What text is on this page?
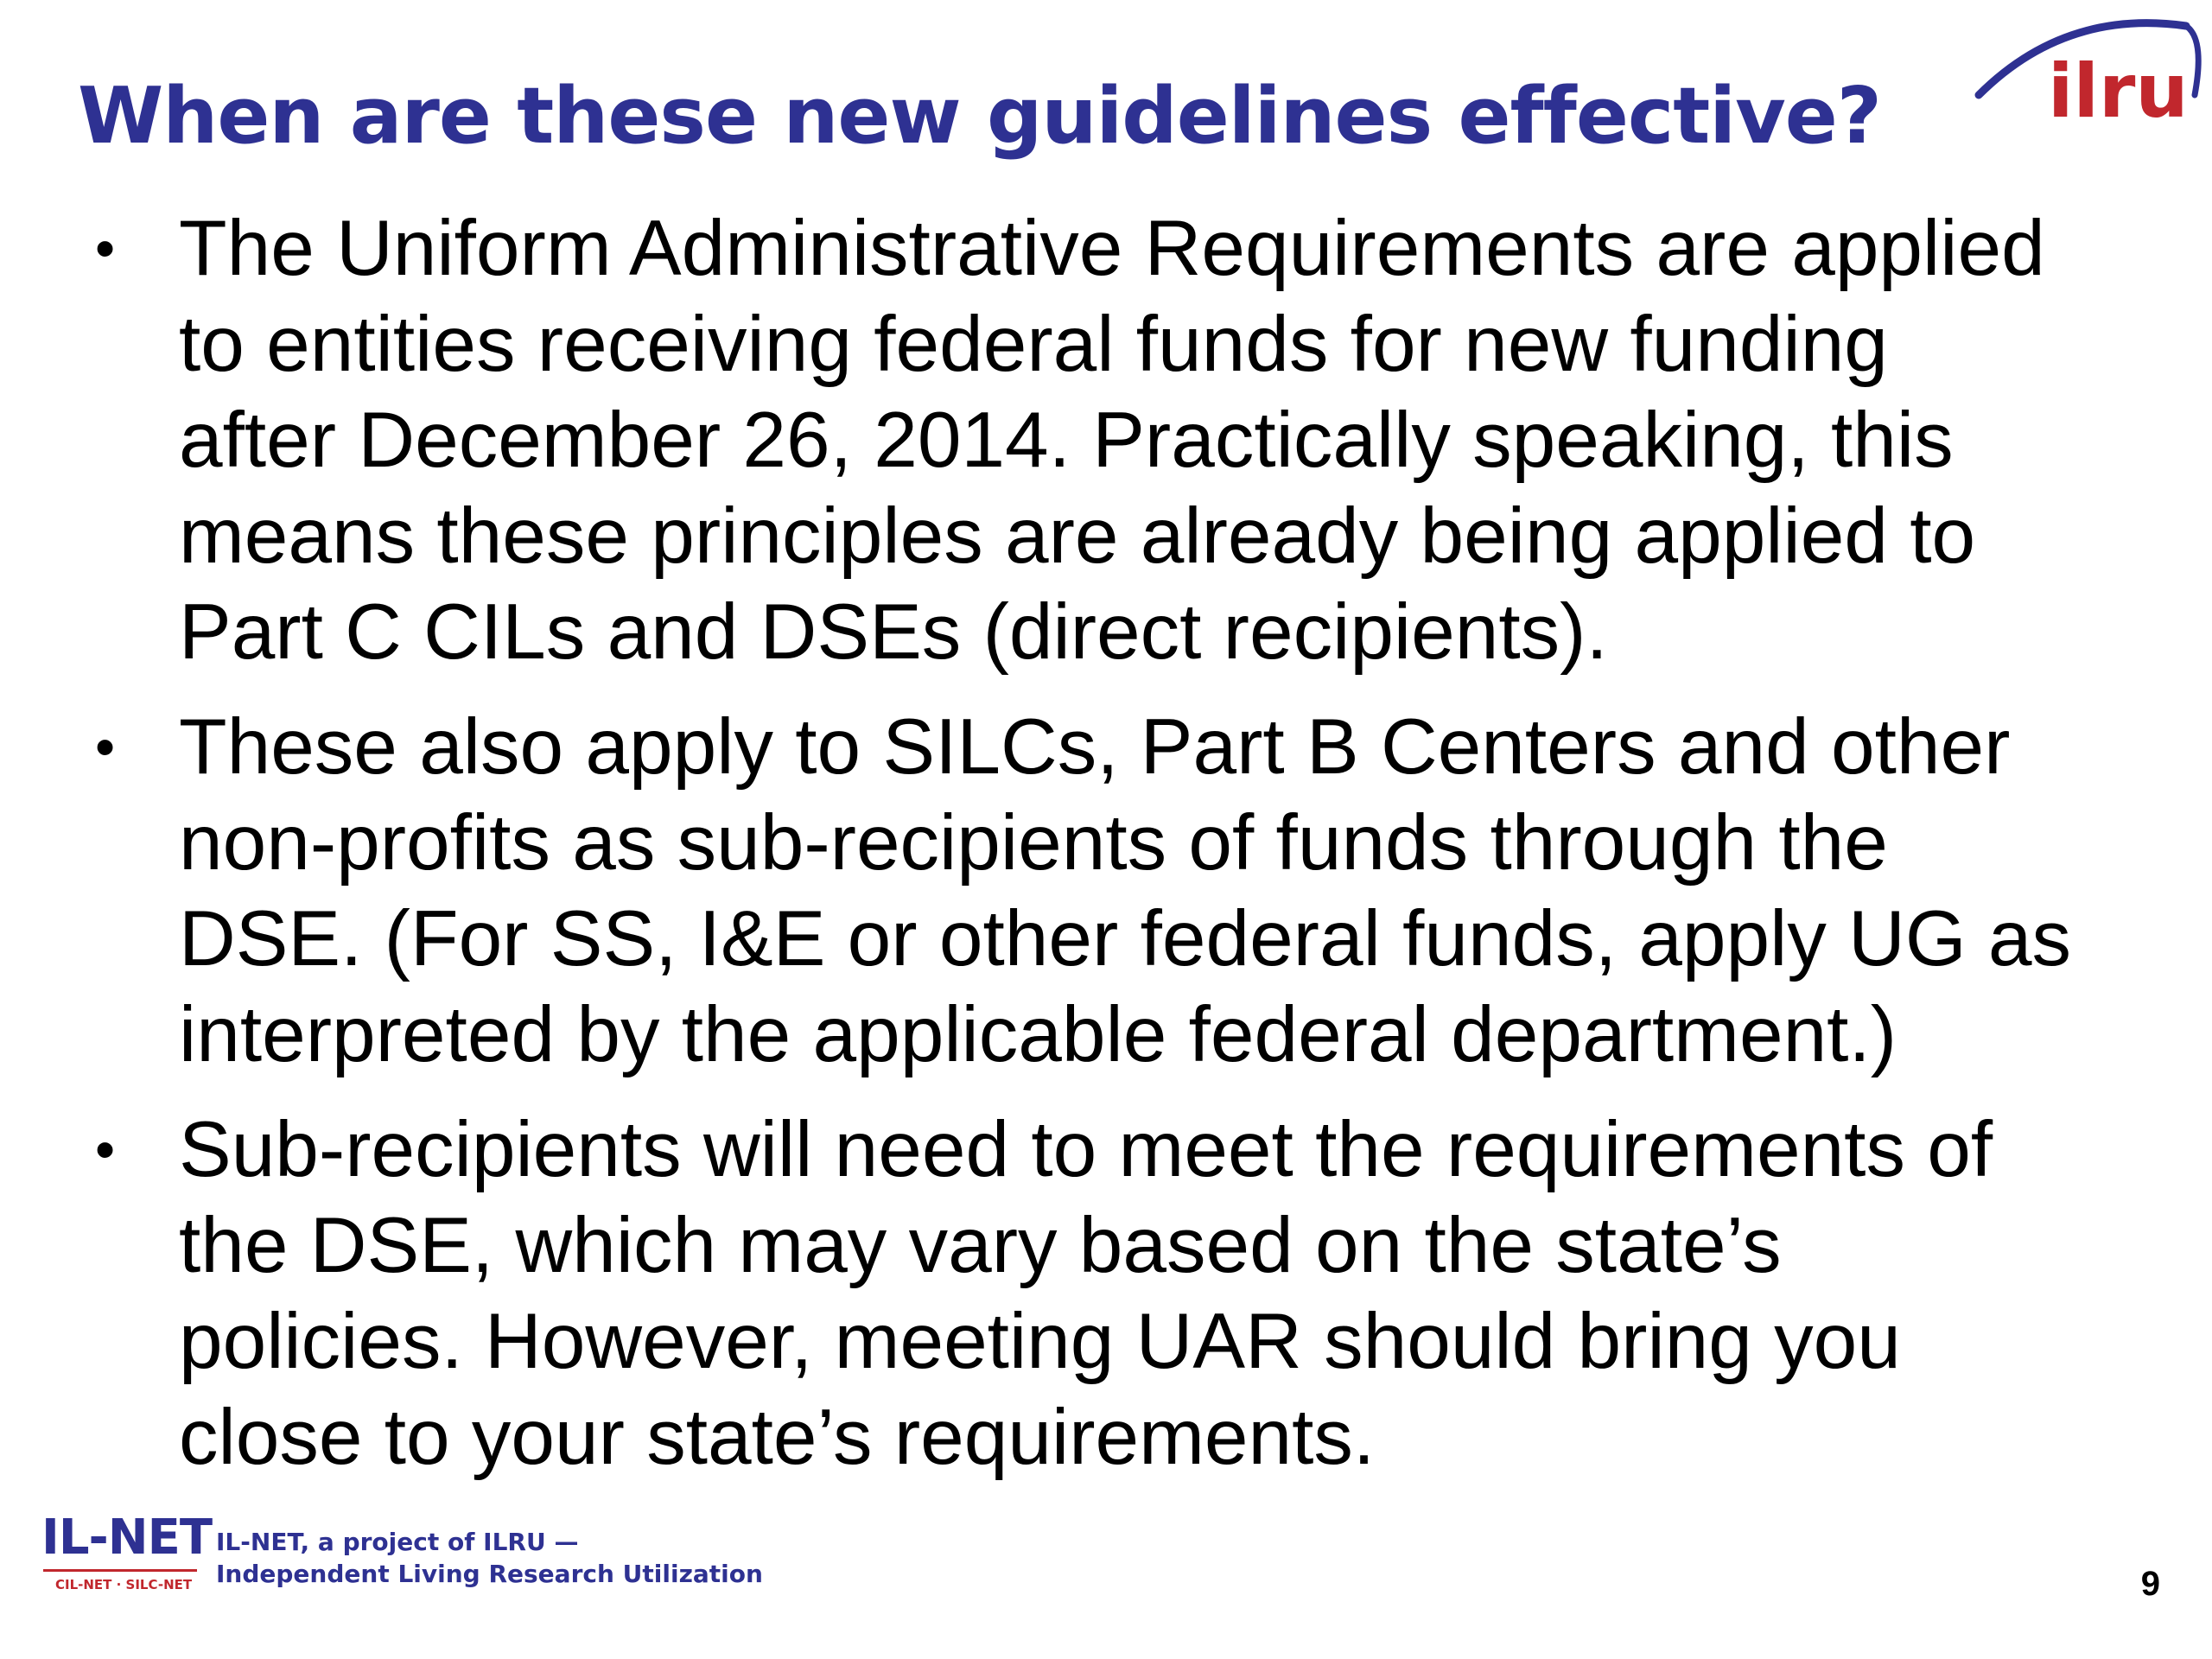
When are these new guidelines effective? ilru
• The Uniform Administrative Requirements are applied
to entities receiving federal funds for new funding
after December 26, 2014. Practically speaking, this
means these principles are already being applied to
Part C CILs and DSEs (direct recipients).
• These also apply to SILCs, Part B Centers and other
non-profits as sub-recipients of funds through the
DSE. (For SS, I&E or other federal funds, apply UG as
interpreted by the applicable federal department.)
• Sub-recipients will need to meet the requirements of
the DSE, which may vary based on the state’s
policies. However, meeting UAR should bring you
close to your state’s requirements.
IL-NET
CIL-NET · SILC-NET
IL-NET, a project of ILRU —
Independent Living Research Utilization	9
